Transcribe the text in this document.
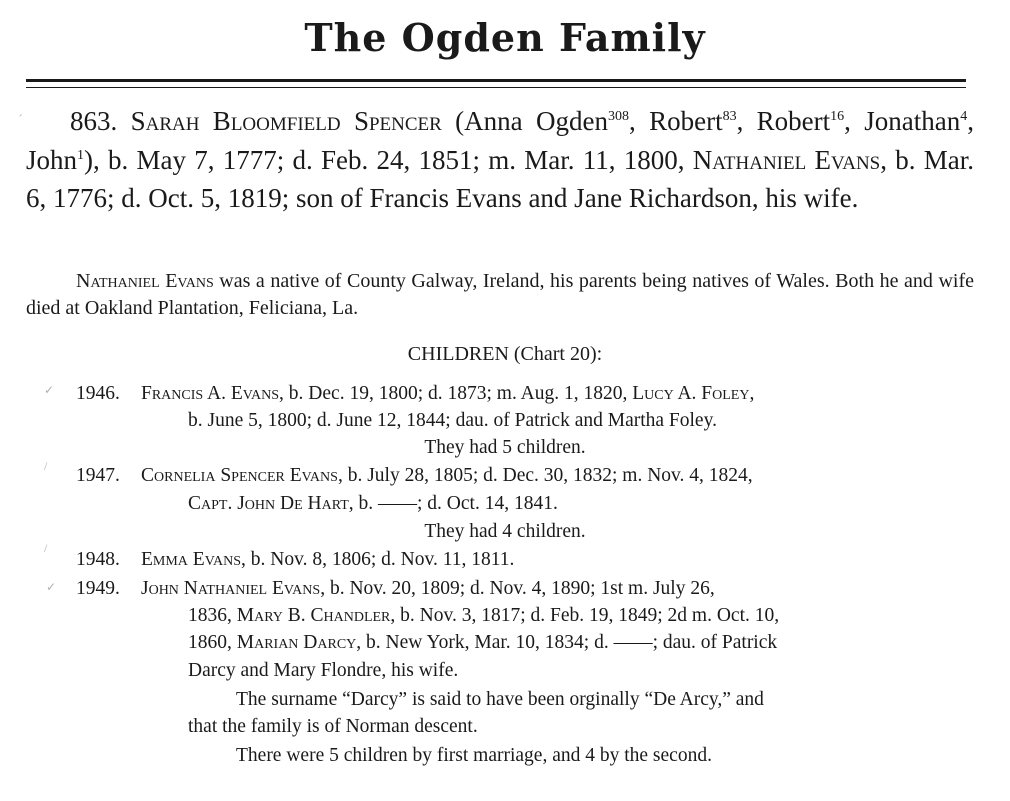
The Ogden Family
ˊ	863. Sarah Bloomfield Spencer (Anna Ogden$^{308}$, Robert$^{83}$, Robert$^{16}$, Jonathan$^4$, John$^1$), b. May 7, 1777; d. Feb. 24, 1851; m. Mar. 11, 1800, Nathaniel Evans, b. Mar. 6, 1776; d. Oct. 5, 1819; son of Francis Evans and Jane Richardson, his wife.

Nathaniel Evans was a native of County Galway, Ireland, his parents being natives of Wales. Both he and wife died at Oakland Plantation, Feliciana, La.

CHILDREN (Chart 20):

✓ 1946. Francis A. Evans, b. Dec. 19, 1800; d. 1873; m. Aug. 1, 1820, Lucy A. Foley,
b. June 5, 1800; d. June 12, 1844; dau. of Patrick and Martha Foley.
They had 5 children.
/ 1947. Cornelia Spencer Evans, b. July 28, 1805; d. Dec. 30, 1832; m. Nov. 4, 1824,
Capt. John De Hart, b. ——; d. Oct. 14, 1841.
They had 4 children.
/
1948. Emma Evans, b. Nov. 8, 1806; d. Nov. 11, 1811.
✓ 1949. John Nathaniel Evans, b. Nov. 20, 1809; d. Nov. 4, 1890; 1st m. July 26,
1836, Mary B. Chandler, b. Nov. 3, 1817; d. Feb. 19, 1849; 2d m. Oct. 10,
1860, Marian Darcy, b. New York, Mar. 10, 1834; d. ——; dau. of Patrick
Darcy and Mary Flondre, his wife.
The surname “Darcy” is said to have been orginally “De Arcy,” and
that the family is of Norman descent.
There were 5 children by first marriage, and 4 by the second.
